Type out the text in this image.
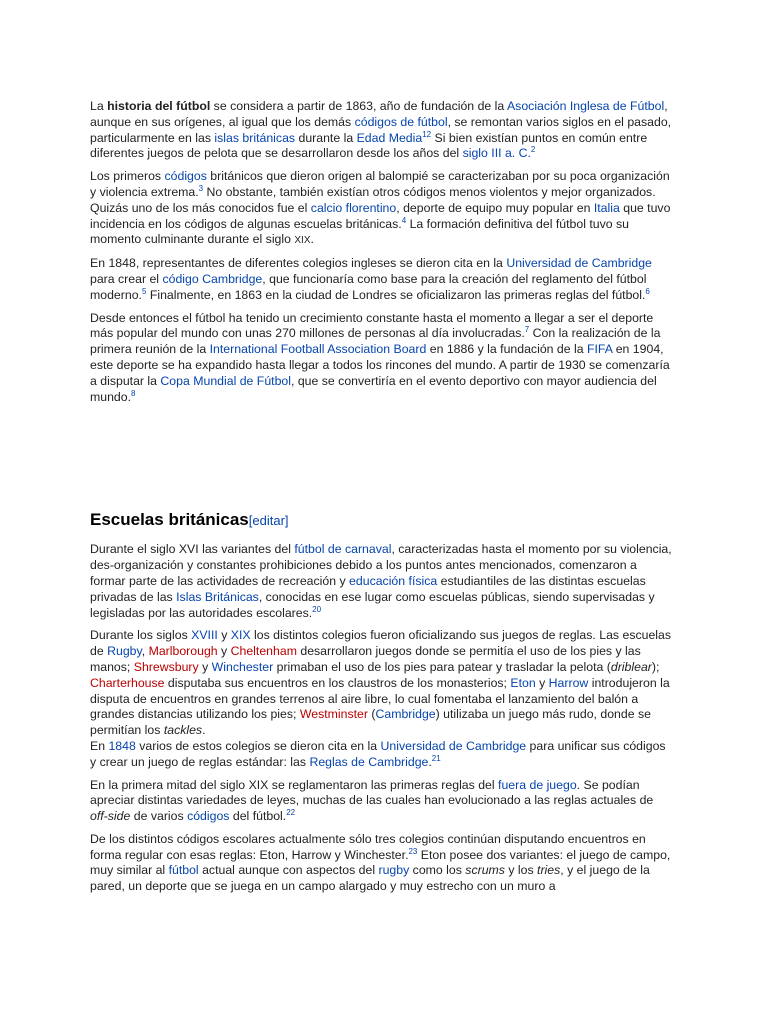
La historia del fútbol se considera a partir de 1863, año de fundación de la Asociación Inglesa de Fútbol, aunque en sus orígenes, al igual que los demás códigos de fútbol, se remontan varios siglos en el pasado, particularmente en las islas británicas durante la Edad Media$^{12}$ Si bien existían puntos en común entre diferentes juegos de pelota que se desarrollaron desde los años del siglo III a. C.$^2$

Los primeros códigos británicos que dieron origen al balompié se caracterizaban por su poca organización y violencia extrema.$^3$ No obstante, también existían otros códigos menos violentos y mejor organizados. Quizás uno de los más conocidos fue el calcio florentino, deporte de equipo muy popular en Italia que tuvo incidencia en los códigos de algunas escuelas británicas.$^4$ La formación definitiva del fútbol tuvo su momento culminante durante el siglo XIX.

En 1848, representantes de diferentes colegios ingleses se dieron cita en la Universidad de Cambridge para crear el código Cambridge, que funcionaría como base para la creación del reglamento del fútbol moderno.$^5$ Finalmente, en 1863 en la ciudad de Londres se oficializaron las primeras reglas del fútbol.$^6$

Desde entonces el fútbol ha tenido un crecimiento constante hasta el momento a llegar a ser el deporte más popular del mundo con unas 270 millones de personas al día involucradas.$^7$ Con la realización de la primera reunión de la International Football Association Board en 1886 y la fundación de la FIFA en 1904, este deporte se ha expandido hasta llegar a todos los rincones del mundo. A partir de 1930 se comenzaría a disputar la Copa Mundial de Fútbol, que se convertiría en el evento deportivo con mayor audiencia del mundo.$^8$

Escuelas británicas[editar]

Durante el siglo XVI las variantes del fútbol de carnaval, caracterizadas hasta el momento por su violencia, des-organización y constantes prohibiciones debido a los puntos antes mencionados, comenzaron a formar parte de las actividades de recreación y educación física estudiantiles de las distintas escuelas privadas de las Islas Británicas, conocidas en ese lugar como escuelas públicas, siendo supervisadas y legisladas por las autoridades escolares.$^{20}$

Durante los siglos XVIII y XIX los distintos colegios fueron oficializando sus juegos de reglas. Las escuelas de Rugby, Marlborough y Cheltenham desarrollaron juegos donde se permitía el uso de los pies y las manos; Shrewsbury y Winchester primaban el uso de los pies para patear y trasladar la pelota (driblear); Charterhouse disputaba sus encuentros en los claustros de los monasterios; Eton y Harrow introdujeron la disputa de encuentros en grandes terrenos al aire libre, lo cual fomentaba el lanzamiento del balón a grandes distancias utilizando los pies; Westminster (Cambridge) utilizaba un juego más rudo, donde se permitían los tackles.
En 1848 varios de estos colegios se dieron cita en la Universidad de Cambridge para unificar sus códigos y crear un juego de reglas estándar: las Reglas de Cambridge.$^{21}$

En la primera mitad del siglo XIX se reglamentaron las primeras reglas del fuera de juego. Se podían apreciar distintas variedades de leyes, muchas de las cuales han evolucionado a las reglas actuales de off-side de varios códigos del fútbol.$^{22}$

De los distintos códigos escolares actualmente sólo tres colegios continúan disputando encuentros en forma regular con esas reglas: Eton, Harrow y Winchester.$^{23}$ Eton posee dos variantes: el juego de campo, muy similar al fútbol actual aunque con aspectos del rugby como los scrums y los tries, y el juego de la pared, un deporte que se juega en un campo alargado y muy estrecho con un muro a
